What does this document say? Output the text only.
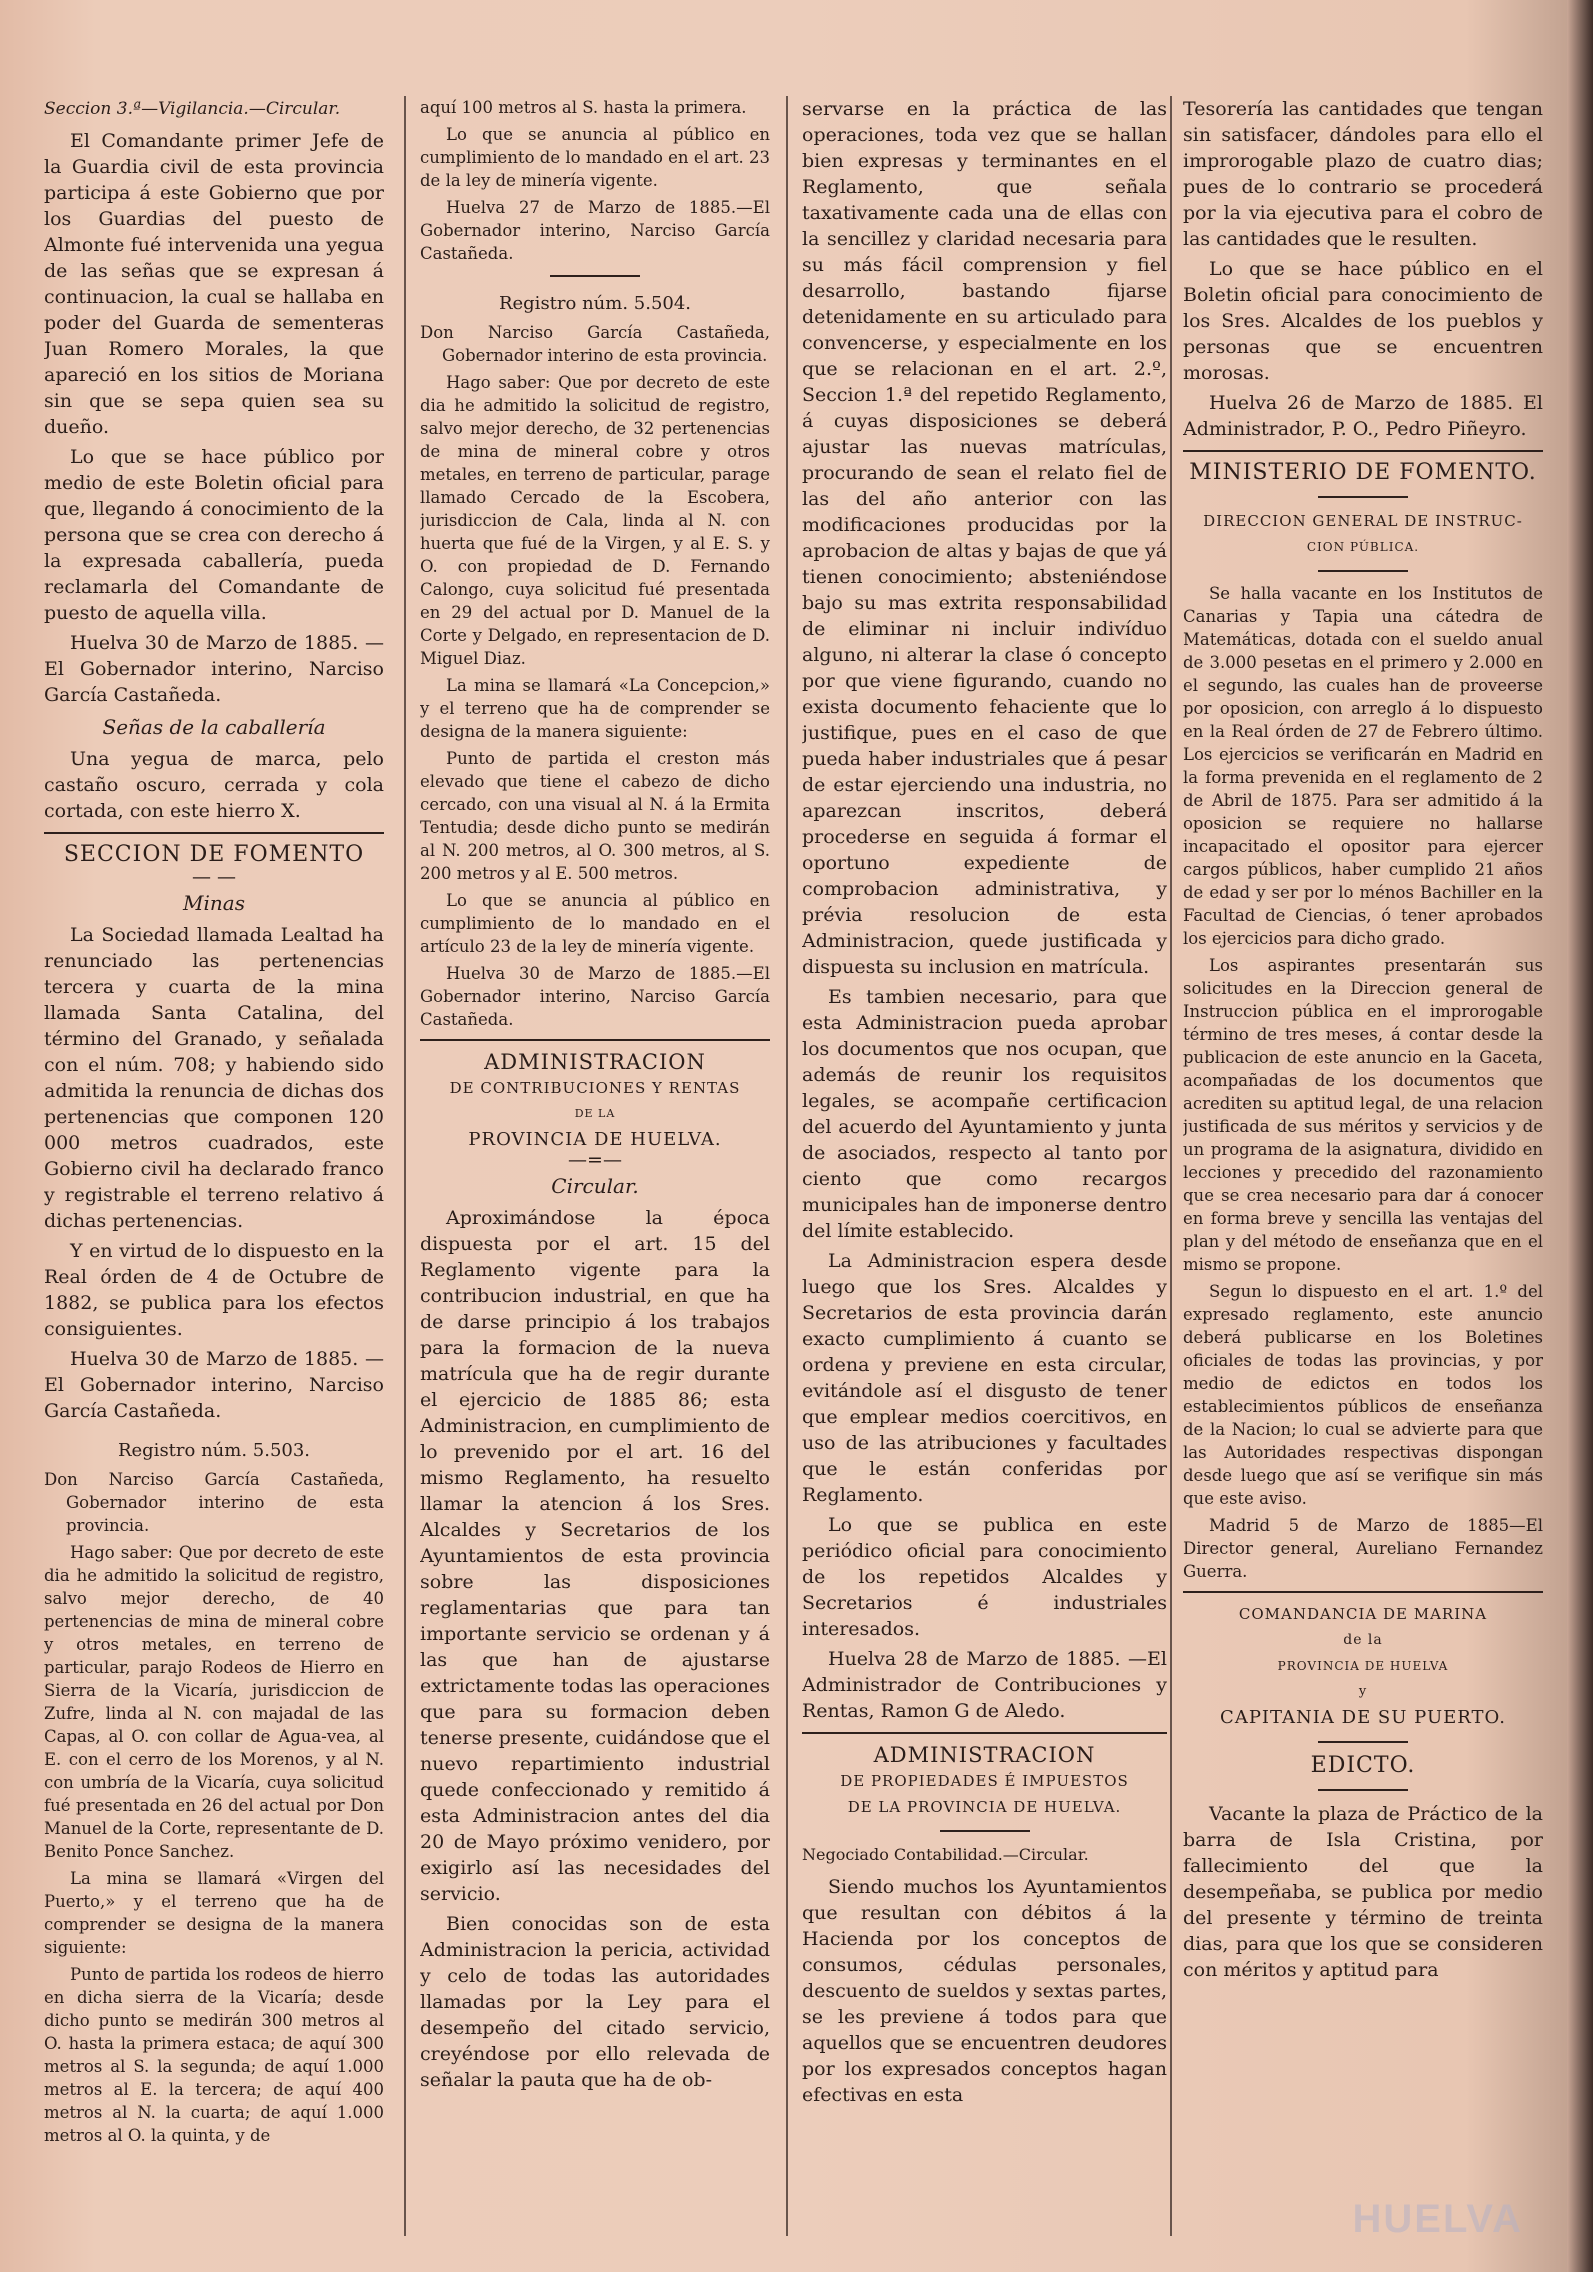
Seccion 3.ª—Vigilancia.—Circular.

El Comandante primer Jefe de la Guardia civil de esta provincia participa á este Gobierno que por los Guardias del puesto de Almonte fué intervenida una yegua de las señas que se expresan á continuacion, la cual se hallaba en poder del Guarda de sementeras Juan Romero Morales, la que apareció en los sitios de Moriana sin que se sepa quien sea su dueño.

Lo que se hace público por medio de este Boletin oficial para que, llegando á conocimiento de la persona que se crea con derecho á la expresada caballería, pueda reclamarla del Comandante de puesto de aquella villa.

Huelva 30 de Marzo de 1885. —El Gobernador interino, Narciso García Castañeda.

Señas de la caballería

Una yegua de marca, pelo castaño oscuro, cerrada y cola cortada, con este hierro X.

SECCION DE FOMENTO

— —

Minas

La Sociedad llamada Lealtad ha renunciado las pertenencias tercera y cuarta de la mina llamada Santa Catalina, del término del Granado, y señalada con el núm. 708; y habiendo sido admitida la renuncia de dichas dos pertenencias que componen 120 000 metros cuadrados, este Gobierno civil ha declarado franco y registrable el terreno relativo á dichas pertenencias.

Y en virtud de lo dispuesto en la Real órden de 4 de Octubre de 1882, se publica para los efectos consiguientes.

Huelva 30 de Marzo de 1885. —El Gobernador interino, Narciso García Castañeda.

Registro núm. 5.503.

Don Narciso García Castañeda, Gobernador interino de esta provincia.

Hago saber: Que por decreto de este dia he admitido la solicitud de registro, salvo mejor derecho, de 40 pertenencias de mina de mineral cobre y otros metales, en terreno de particular, parajo Rodeos de Hierro en Sierra de la Vicaría, jurisdiccion de Zufre, linda al N. con majadal de las Capas, al O. con collar de Agua-vea, al E. con el cerro de los Morenos, y al N. con umbría de la Vicaría, cuya solicitud fué presentada en 26 del actual por Don Manuel de la Corte, representante de D. Benito Ponce Sanchez.

La mina se llamará «Virgen del Puerto,» y el terreno que ha de comprender se designa de la manera siguiente:

Punto de partida los rodeos de hierro en dicha sierra de la Vicaría; desde dicho punto se medirán 300 metros al O. hasta la primera estaca; de aquí 300 metros al S. la segunda; de aquí 1.000 metros al E. la tercera; de aquí 400 metros al N. la cuarta; de aquí 1.000 metros al O. la quinta, y de

aquí 100 metros al S. hasta la primera.

Lo que se anuncia al público en cumplimiento de lo mandado en el art. 23 de la ley de minería vigente.

Huelva 27 de Marzo de 1885.—El Gobernador interino, Narciso García Castañeda.

Registro núm. 5.504.

Don Narciso García Castañeda, Gobernador interino de esta provincia.

Hago saber: Que por decreto de este dia he admitido la solicitud de registro, salvo mejor derecho, de 32 pertenencias de mina de mineral cobre y otros metales, en terreno de particular, parage llamado Cercado de la Escobera, jurisdiccion de Cala, linda al N. con huerta que fué de la Virgen, y al E. S. y O. con propiedad de D. Fernando Calongo, cuya solicitud fué presentada en 29 del actual por D. Manuel de la Corte y Delgado, en representacion de D. Miguel Diaz.

La mina se llamará «La Concepcion,» y el terreno que ha de comprender se designa de la manera siguiente:

Punto de partida el creston más elevado que tiene el cabezo de dicho cercado, con una visual al N. á la Ermita Tentudia; desde dicho punto se medirán al N. 200 metros, al O. 300 metros, al S. 200 metros y al E. 500 metros.

Lo que se anuncia al público en cumplimiento de lo mandado en el artículo 23 de la ley de minería vigente.

Huelva 30 de Marzo de 1885.—El Gobernador interino, Narciso García Castañeda.

ADMINISTRACION

DE CONTRIBUCIONES Y RENTAS

DE LA

PROVINCIA DE HUELVA.

—=—

Circular.

Aproximándose la época dispuesta por el art. 15 del Reglamento vigente para la contribucion industrial, en que ha de darse principio á los trabajos para la formacion de la nueva matrícula que ha de regir durante el ejercicio de 1885 86; esta Administracion, en cumplimiento de lo prevenido por el art. 16 del mismo Reglamento, ha resuelto llamar la atencion á los Sres. Alcaldes y Secretarios de los Ayuntamientos de esta provincia sobre las disposiciones reglamentarias que para tan importante servicio se ordenan y á las que han de ajustarse extrictamente todas las operaciones que para su formacion deben tenerse presente, cuidándose que el nuevo repartimiento industrial quede confeccionado y remitido á esta Administracion antes del dia 20 de Mayo próximo venidero, por exigirlo así las necesidades del servicio.

Bien conocidas son de esta Administracion la pericia, actividad y celo de todas las autoridades llamadas por la Ley para el desempeño del citado servicio, creyéndose por ello relevada de señalar la pauta que ha de ob-

servarse en la práctica de las operaciones, toda vez que se hallan bien expresas y terminantes en el Reglamento, que señala taxativamente cada una de ellas con la sencillez y claridad necesaria para su más fácil comprension y fiel desarrollo, bastando fijarse detenidamente en su articulado para convencerse, y especialmente en los que se relacionan en el art. 2.º, Seccion 1.ª del repetido Reglamento, á cuyas disposiciones se deberá ajustar las nuevas matrículas, procurando de sean el relato fiel de las del año anterior con las modificaciones producidas por la aprobacion de altas y bajas de que yá tienen conocimiento; absteniéndose bajo su mas extrita responsabilidad de eliminar ni incluir indivíduo alguno, ni alterar la clase ó concepto por que viene figurando, cuando no exista documento fehaciente que lo justifique, pues en el caso de que pueda haber industriales que á pesar de estar ejerciendo una industria, no aparezcan inscritos, deberá procederse en seguida á formar el oportuno expediente de comprobacion administrativa, y prévia resolucion de esta Administracion, quede justificada y dispuesta su inclusion en matrícula.

Es tambien necesario, para que esta Administracion pueda aprobar los documentos que nos ocupan, que además de reunir los requisitos legales, se acompañe certificacion del acuerdo del Ayuntamiento y junta de asociados, respecto al tanto por ciento que como recargos municipales han de imponerse dentro del límite establecido.

La Administracion espera desde luego que los Sres. Alcaldes y Secretarios de esta provincia darán exacto cumplimiento á cuanto se ordena y previene en esta circular, evitándole así el disgusto de tener que emplear medios coercitivos, en uso de las atribuciones y facultades que le están conferidas por Reglamento.

Lo que se publica en este periódico oficial para conocimiento de los repetidos Alcaldes y Secretarios é industriales interesados.

Huelva 28 de Marzo de 1885. —El Administrador de Contribuciones y Rentas, Ramon G de Aledo.

ADMINISTRACION

DE PROPIEDADES É IMPUESTOS

DE LA PROVINCIA DE HUELVA.

Negociado Contabilidad.—Circular.

Siendo muchos los Ayuntamientos que resultan con débitos á la Hacienda por los conceptos de consumos, cédulas personales, descuento de sueldos y sextas partes, se les previene á todos para que aquellos que se encuentren deudores por los expresados conceptos hagan efectivas en esta

Tesorería las cantidades que tengan sin satisfacer, dándoles para ello el improrogable plazo de cuatro dias; pues de lo contrario se procederá por la via ejecutiva para el cobro de las cantidades que le resulten.

Lo que se hace público en el Boletin oficial para conocimiento de los Sres. Alcaldes de los pueblos y personas que se encuentren morosas.

Huelva 26 de Marzo de 1885. El Administrador, P. O., Pedro Piñeyro.

MINISTERIO DE FOMENTO.

DIRECCION GENERAL DE INSTRUC-

CION PÚBLICA.

Se halla vacante en los Institutos de Canarias y Tapia una cátedra de Matemáticas, dotada con el sueldo anual de 3.000 pesetas en el primero y 2.000 en el segundo, las cuales han de proveerse por oposicion, con arreglo á lo dispuesto en la Real órden de 27 de Febrero último. Los ejercicios se verificarán en Madrid en la forma prevenida en el reglamento de 2 de Abril de 1875. Para ser admitido á la oposicion se requiere no hallarse incapacitado el opositor para ejercer cargos públicos, haber cumplido 21 años de edad y ser por lo ménos Bachiller en la Facultad de Ciencias, ó tener aprobados los ejercicios para dicho grado.

Los aspirantes presentarán sus solicitudes en la Direccion general de Instruccion pública en el improrogable término de tres meses, á contar desde la publicacion de este anuncio en la Gaceta, acompañadas de los documentos que acrediten su aptitud legal, de una relacion justificada de sus méritos y servicios y de un programa de la asignatura, dividido en lecciones y precedido del razonamiento que se crea necesario para dar á conocer en forma breve y sencilla las ventajas del plan y del método de enseñanza que en el mismo se propone.

Segun lo dispuesto en el art. 1.º del expresado reglamento, este anuncio deberá publicarse en los Boletines oficiales de todas las provincias, y por medio de edictos en todos los establecimientos públicos de enseñanza de la Nacion; lo cual se advierte para que las Autoridades respectivas dispongan desde luego que así se verifique sin más que este aviso.

Madrid 5 de Marzo de 1885—El Director general, Aureliano Fernandez Guerra.

COMANDANCIA DE MARINA

de la

PROVINCIA DE HUELVA

y

CAPITANIA DE SU PUERTO.

EDICTO.

Vacante la plaza de Práctico de la barra de Isla Cristina, por fallecimiento del que la desempeñaba, se publica por medio del presente y término de treinta dias, para que los que se consideren con méritos y aptitud para

HUELVA
